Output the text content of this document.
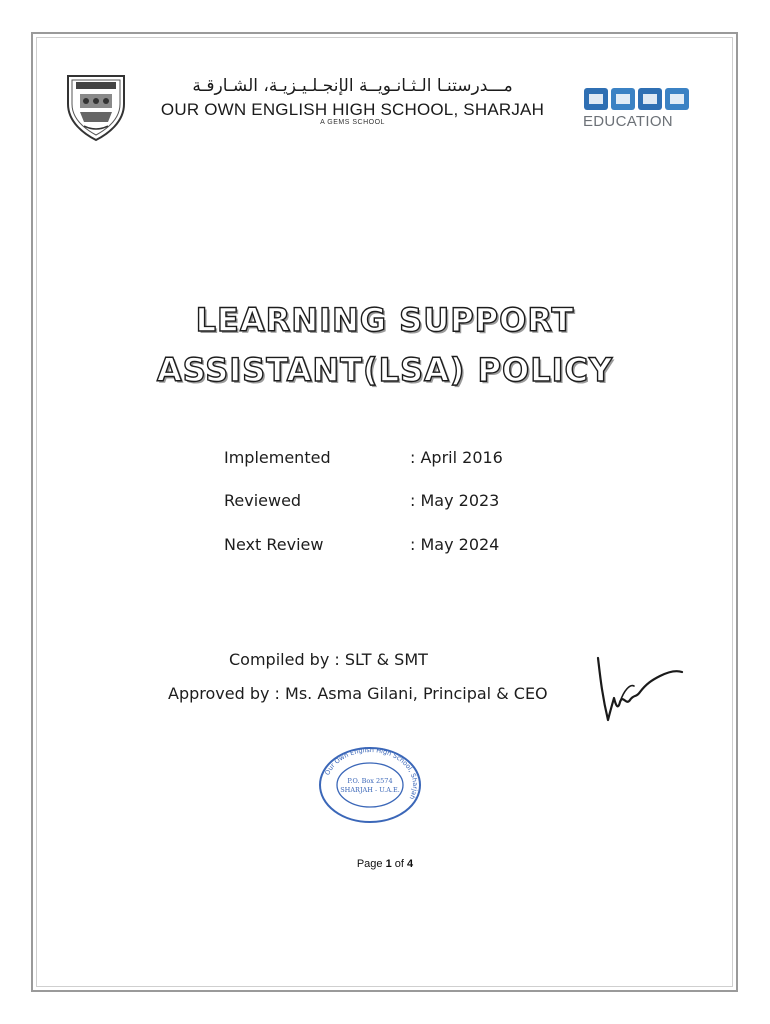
مـــدرستنـا الـثـانـويــة الإنجـلـيـزيـة، الشـارقـة
OUR OWN ENGLISH HIGH SCHOOL, SHARJAH
A GEMS SCHOOL	EDUCATION
LEARNING SUPPORT
ASSISTANT(LSA) POLICY
Implemented	: April 2016
Reviewed	: May 2023
Next Review	: May 2024
Compiled by : SLT & SMT
Approved by : Ms. Asma Gilani, Principal & CEO
Our Own English High School, Sharjah
P.O. Box 2574
SHARJAH - U.A.E.
Page 1 of 4
